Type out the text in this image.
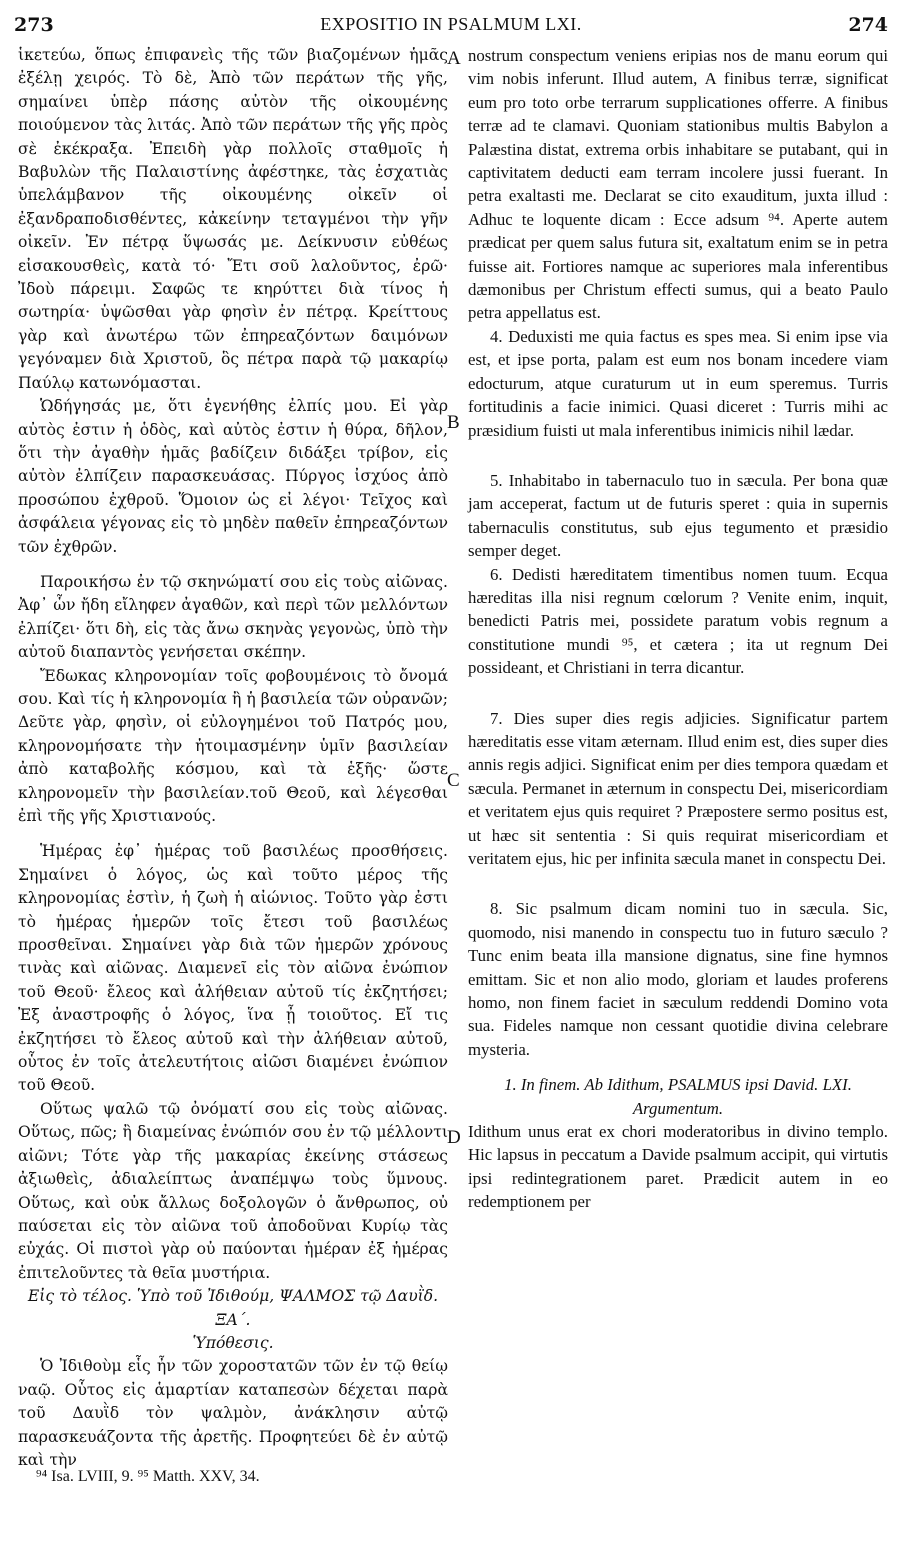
273	EXPOSITIO IN PSALMUM LXI.	274

ἱκετεύω, ὅπως ἐπιφανεὶς τῆς τῶν βιαζομένων ἡμᾶς ἐξέλῃ χειρός. Τὸ δὲ, Ἀπὸ τῶν περάτων τῆς γῆς, σημαίνει ὑπὲρ πάσης αὐτὸν τῆς οἰκουμένης ποιούμενον τὰς λιτάς. Ἀπὸ τῶν περάτων τῆς γῆς πρὸς σὲ ἐκέκραξα. Ἐπειδὴ γὰρ πολλοῖς σταθμοῖς ἡ Βαβυλὼν τῆς Παλαιστίνης ἀφέστηκε, τὰς ἐσχατιὰς ὑπελάμβανον τῆς οἰκουμένης οἰκεῖν οἱ ἐξανδραποδισθέντες, κἀκείνην τεταγμένοι τὴν γῆν οἰκεῖν. Ἐν πέτρᾳ ὕψωσάς με. Δείκνυσιν εὐθέως εἰσακουσθεὶς, κατὰ τό· Ἔτι σοῦ λαλοῦντος, ἐρῶ· Ἰδοὺ πάρειμι. Σαφῶς τε κηρύττει διὰ τίνος ἡ σωτηρία· ὑψῶσθαι γὰρ φησὶν ἐν πέτρᾳ. Κρείττους γὰρ καὶ ἀνωτέρω τῶν ἐπηρεαζόντων δαιμόνων γεγόναμεν διὰ Χριστοῦ, ὃς πέτρα παρὰ τῷ μακαρίῳ Παύλῳ κατωνόμασται.

Ὡδήγησάς με, ὅτι ἐγενήθης ἐλπίς μου. Εἰ γὰρ αὐτὸς ἐστιν ἡ ὁδὸς, καὶ αὐτὸς ἐστιν ἡ θύρα, δῆλον, ὅτι τὴν ἀγαθὴν ἡμᾶς βαδίζειν διδάξει τρίβον, εἰς αὐτὸν ἐλπίζειν παρασκευάσας. Πύργος ἰσχύος ἀπὸ προσώπου ἐχθροῦ. Ὅμοιον ὡς εἰ λέγοι· Τεῖχος καὶ ἀσφάλεια γέγονας εἰς τὸ μηδὲν παθεῖν ἐπηρεαζόντων τῶν ἐχθρῶν.

Παροικήσω ἐν τῷ σκηνώματί σου εἰς τοὺς αἰῶνας. Ἀφ᾽ ὧν ἤδη εἴληφεν ἀγαθῶν, καὶ περὶ τῶν μελλόντων ἐλπίζει· ὅτι δὴ, εἰς τὰς ἄνω σκηνὰς γεγονὼς, ὑπὸ τὴν αὐτοῦ διαπαντὸς γενήσεται σκέπην.

Ἔδωκας κληρονομίαν τοῖς φοβουμένοις τὸ ὄνομά σου. Καὶ τίς ἡ κληρονομία ἢ ἡ βασιλεία τῶν οὐρανῶν; Δεῦτε γὰρ, φησὶν, οἱ εὐλογημένοι τοῦ Πατρός μου, κληρονομήσατε τὴν ἡτοιμασμένην ὑμῖν βασιλείαν ἀπὸ καταβολῆς κόσμου, καὶ τὰ ἑξῆς· ὥστε κληρονομεῖν τὴν βασιλείαν.τοῦ Θεοῦ, καὶ λέγεσθαι ἐπὶ τῆς γῆς Χριστιανούς.

Ἡμέρας ἐφ᾽ ἡμέρας τοῦ βασιλέως προσθήσεις. Σημαίνει ὁ λόγος, ὡς καὶ τοῦτο μέρος τῆς κληρονομίας ἐστὶν, ἡ ζωὴ ἡ αἰώνιος. Τοῦτο γὰρ ἐστι τὸ ἡμέρας ἡμερῶν τοῖς ἔτεσι τοῦ βασιλέως προσθεῖναι. Σημαίνει γὰρ διὰ τῶν ἡμερῶν χρόνους τινὰς καὶ αἰῶνας. Διαμενεῖ εἰς τὸν αἰῶνα ἐνώπιον τοῦ Θεοῦ· ἔλεος καὶ ἀλήθειαν αὐτοῦ τίς ἐκζητήσει; Ἐξ ἀναστροφῆς ὁ λόγος, ἵνα ᾖ τοιοῦτος. Εἴ τις ἐκζητήσει τὸ ἔλεος αὐτοῦ καὶ τὴν ἀλήθειαν αὐτοῦ, οὗτος ἐν τοῖς ἀτελευτήτοις αἰῶσι διαμένει ἐνώπιον τοῦ Θεοῦ.

Οὕτως ψαλῶ τῷ ὀνόματί σου εἰς τοὺς αἰῶνας. Οὕτως, πῶς; ἢ διαμείνας ἐνώπιόν σου ἐν τῷ μέλλοντι αἰῶνι; Τότε γὰρ τῆς μακαρίας ἐκείνης στάσεως ἀξιωθεὶς, ἀδιαλείπτως ἀναπέμψω τοὺς ὕμνους. Οὕτως, καὶ οὐκ ἄλλως δοξολογῶν ὁ ἄνθρωπος, οὐ παύσεται εἰς τὸν αἰῶνα τοῦ ἀποδοῦναι Κυρίῳ τὰς εὐχάς. Οἱ πιστοὶ γὰρ οὐ παύονται ἡμέραν ἐξ ἡμέρας ἐπιτελοῦντες τὰ θεῖα μυστήρια.

Εἰς τὸ τέλος. Ὑπὸ τοῦ Ἰδιθούμ, ΨΑΛΜΟΣ τῷ Δαυῒδ. ΞΑ΄.

Ὑπόθεσις.

Ὁ Ἰδιθοὺμ εἷς ἦν τῶν χοροστατῶν τῶν ἐν τῷ θείῳ ναῷ. Οὗτος εἰς ἁμαρτίαν καταπεσὼν δέχεται παρὰ τοῦ Δαυῒδ τὸν ψαλμὸν, ἀνάκλησιν αὐτῷ παρασκευάζοντα τῆς ἀρετῆς. Προφητεύει δὲ ἐν αὐτῷ καὶ τὴν

A
B
C
D

nostrum conspectum veniens eripias nos de manu eorum qui vim nobis inferunt. Illud autem, A finibus terræ, significat eum pro toto orbe terrarum supplicationes offerre. A finibus terræ ad te clamavi. Quoniam stationibus multis Babylon a Palæstina distat, extrema orbis inhabitare se putabant, qui in captivitatem deducti eam terram incolere jussi fuerant. In petra exaltasti me. Declarat se cito exauditum, juxta illud : Adhuc te loquente dicam : Ecce adsum ⁹⁴. Aperte autem prædicat per quem salus futura sit, exaltatum enim se in petra fuisse ait. Fortiores namque ac superiores mala inferentibus dæmonibus per Christum effecti sumus, qui a beato Paulo petra appellatus est.

4. Deduxisti me quia factus es spes mea. Si enim ipse via est, et ipse porta, palam est eum nos bonam incedere viam edocturum, atque curaturum ut in eum speremus. Turris fortitudinis a facie inimici. Quasi diceret : Turris mihi ac præsidium fuisti ut mala inferentibus inimicis nihil lædar.

5. Inhabitabo in tabernaculo tuo in sæcula. Per bona quæ jam acceperat, factum ut de futuris speret : quia in supernis tabernaculis constitutus, sub ejus tegumento et præsidio semper deget.

6. Dedisti hæreditatem timentibus nomen tuum. Ecqua hæreditas illa nisi regnum cœlorum ? Venite enim, inquit, benedicti Patris mei, possidete paratum vobis regnum a constitutione mundi ⁹⁵, et cætera ; ita ut regnum Dei possideant, et Christiani in terra dicantur.

7. Dies super dies regis adjicies. Significatur partem hæreditatis esse vitam æternam. Illud enim est, dies super dies annis regis adjici. Significat enim per dies tempora quædam et sæcula. Permanet in æternum in conspectu Dei, misericordiam et veritatem ejus quis requiret ? Præpostere sermo positus est, ut hæc sit sententia : Si quis requirat misericordiam et veritatem ejus, hic per infinita sæcula manet in conspectu Dei.

8. Sic psalmum dicam nomini tuo in sæcula. Sic, quomodo, nisi manendo in conspectu tuo in futuro sæculo ? Tunc enim beata illa mansione dignatus, sine fine hymnos emittam. Sic et non alio modo, gloriam et laudes proferens homo, non finem faciet in sæculum reddendi Domino vota sua. Fideles namque non cessant quotidie divina celebrare mysteria.

1. In finem. Ab Idithum, PSALMUS ipsi David. LXI.

Argumentum.

Idithum unus erat ex chori moderatoribus in divino templo. Hic lapsus in peccatum a Davide psalmum accipit, qui virtutis ipsi redintegrationem paret. Prædicit autem in eo redemptionem per

⁹⁴ Isa. LVIII, 9. ⁹⁵ Matth. XXV, 34.
